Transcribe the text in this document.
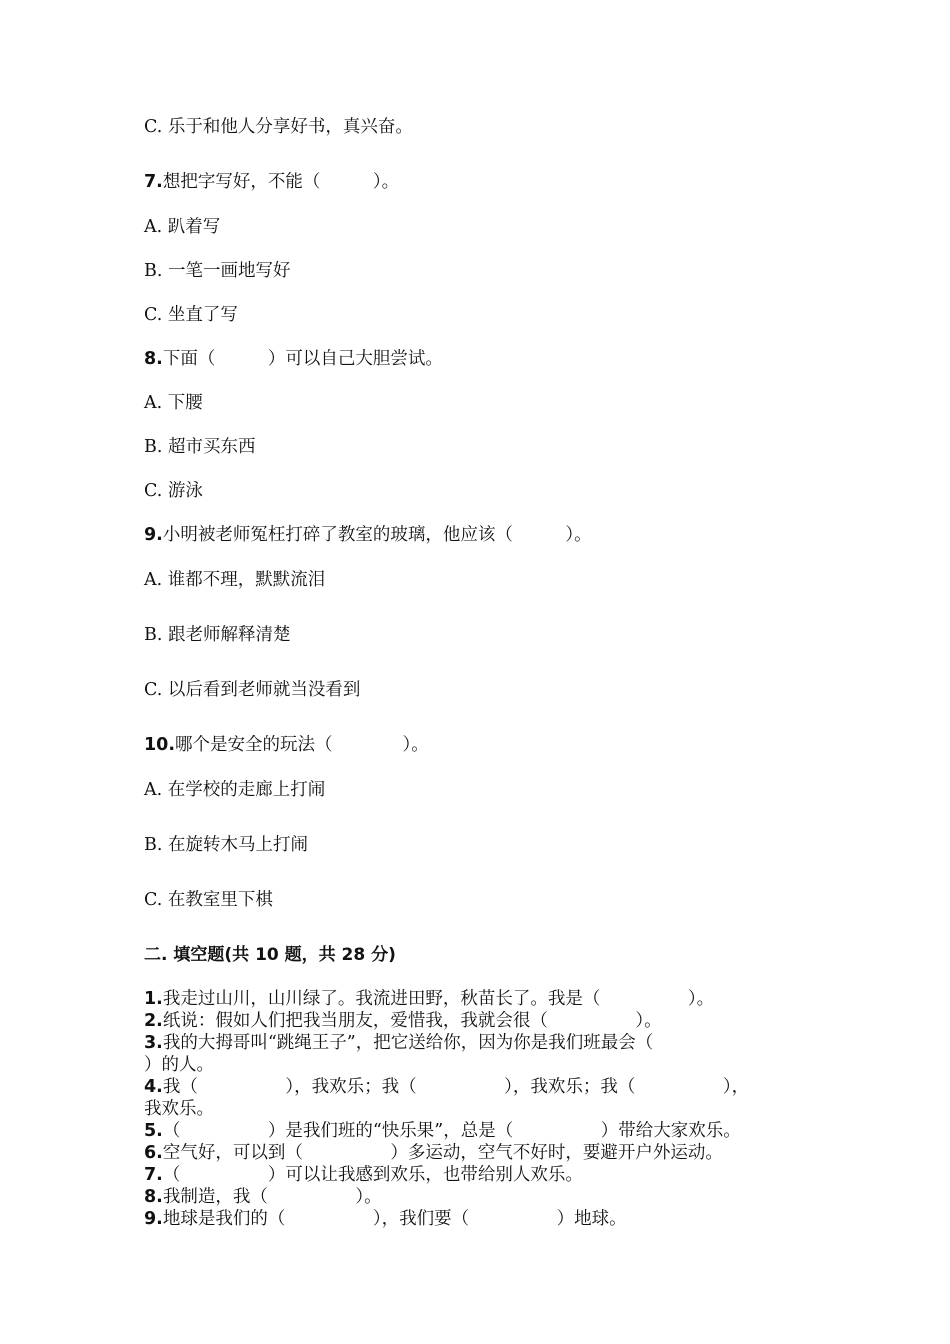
C. 乐于和他人分享好书，真兴奋。
7.想把字写好，不能（　　　）。
A. 趴着写
B. 一笔一画地写好
C. 坐直了写
8.下面（　　　）可以自己大胆尝试。
A. 下腰
B. 超市买东西
C. 游泳
9.小明被老师冤枉打碎了教室的玻璃，他应该（　　　）。
A. 谁都不理，默默流泪
B. 跟老师解释清楚
C. 以后看到老师就当没看到
10.哪个是安全的玩法（　　　　）。
A. 在学校的走廊上打闹
B. 在旋转木马上打闹
C. 在教室里下棋
二. 填空题(共 10 题，共 28 分)
1.我走过山川，山川绿了。我流进田野，秋苗长了。我是（　　　　　）。
2.纸说：假如人们把我当朋友，爱惜我，我就会很（　　　　　）。
3.我的大拇哥叫“跳绳王子”，把它送给你，因为你是我们班最会（
）的人。
4.我（　　　　　），我欢乐；我（　　　　　），我欢乐；我（　　　　　），
我欢乐。
5.（　　　　　）是我们班的“快乐果”，总是（　　　　　）带给大家欢乐。
6.空气好，可以到（　　　　　）多运动，空气不好时，要避开户外运动。
7.（　　　　　）可以让我感到欢乐，也带给别人欢乐。
8.我制造，我（　　　　　）。
9.地球是我们的（　　　　　），我们要（　　　　　）地球。
